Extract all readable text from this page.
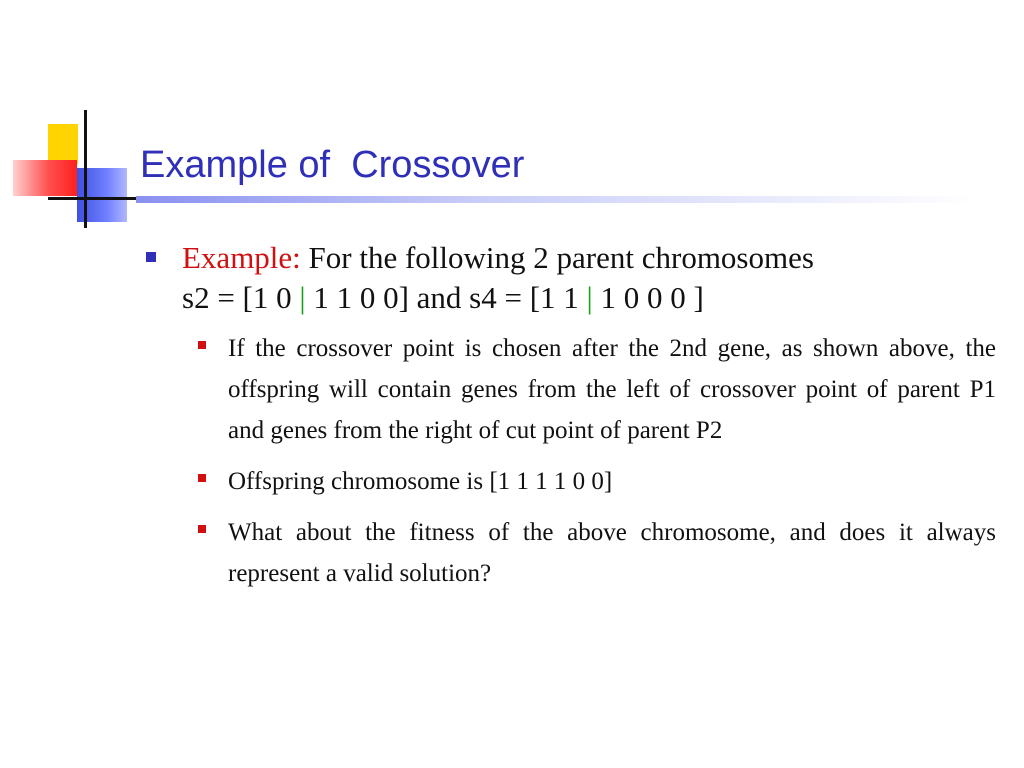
Example of  Crossover
Example: For the following 2 parent chromosomes
s2 = [1 0 | 1 1 0 0] and s4 = [1 1 | 1 0 0 0 ]
If the crossover point is chosen after the 2nd gene, as shown above, the offspring will contain genes from the left of crossover point of parent P1 and genes from the right of cut point of parent P2
Offspring chromosome is [1 1 1 1 0 0]
What about the fitness of the above chromosome, and does it always represent a valid solution?
